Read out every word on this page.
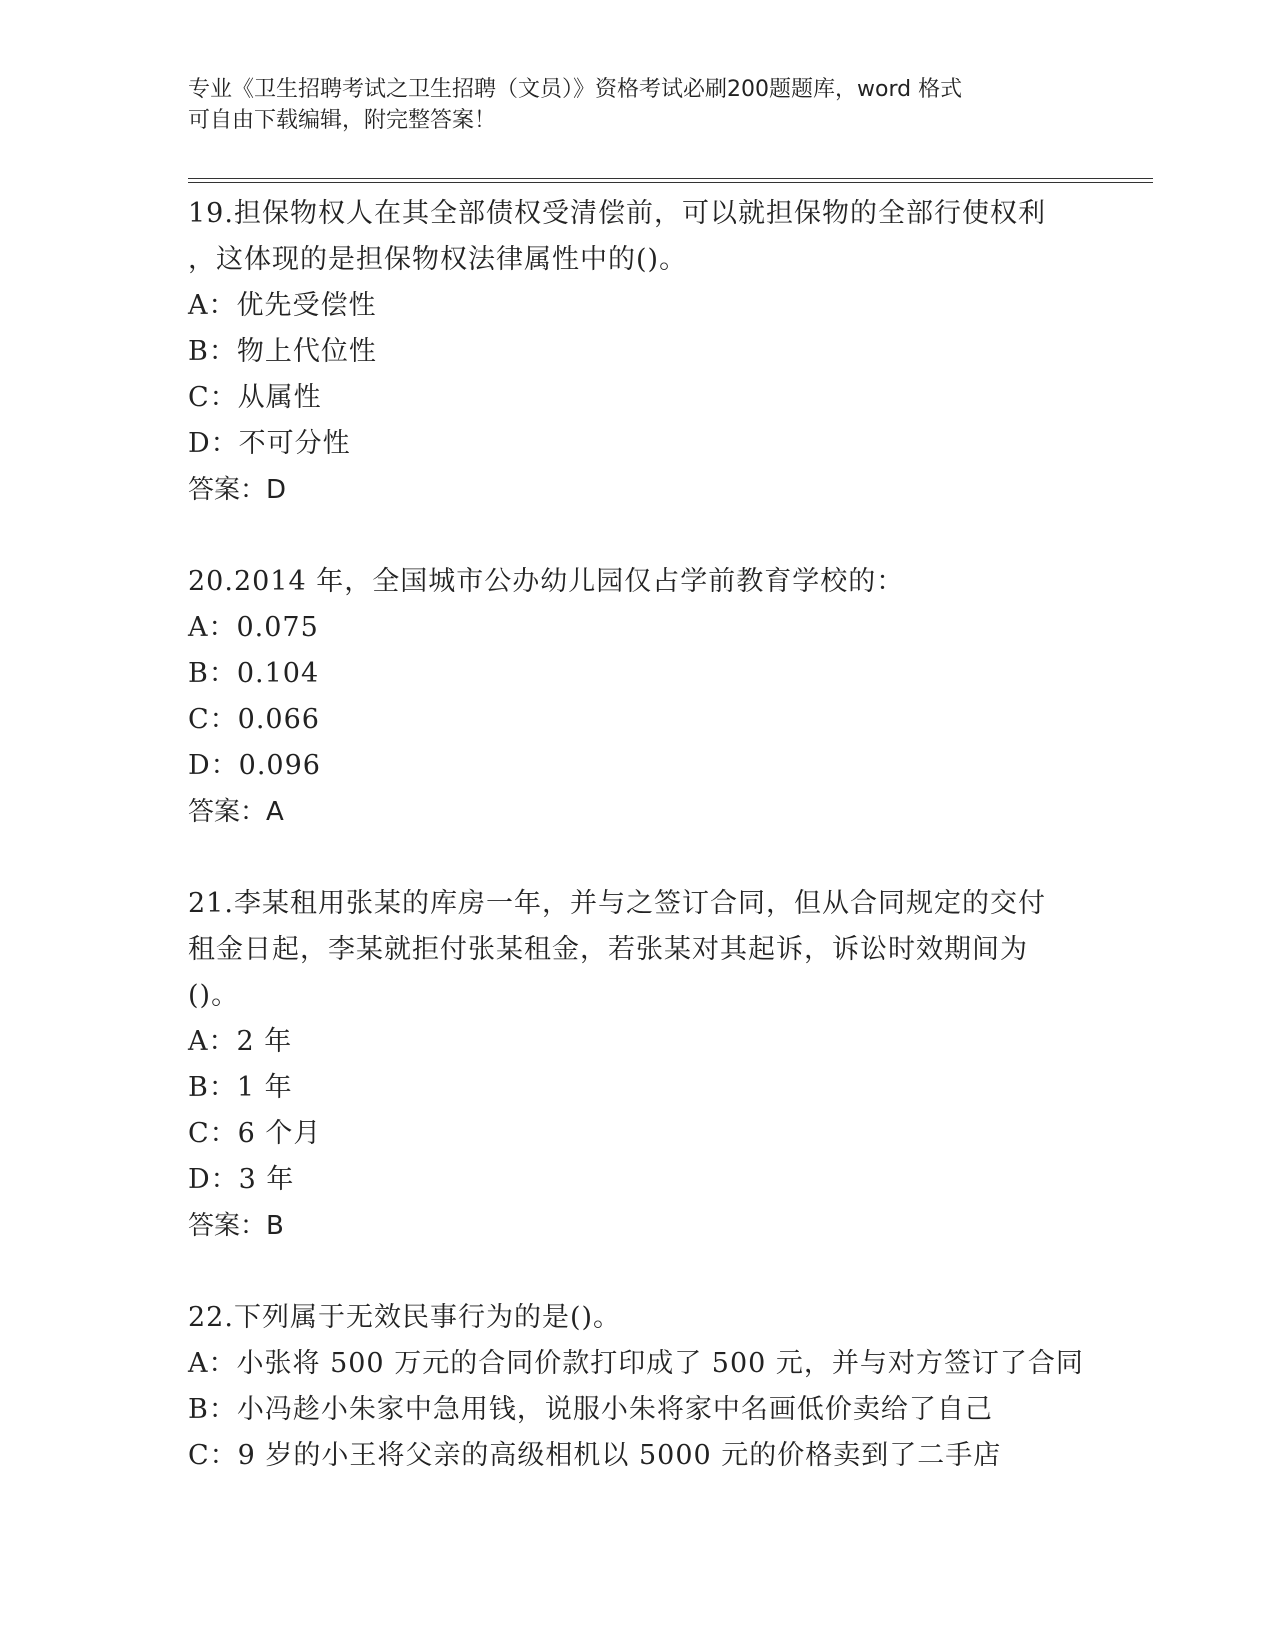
专业《卫生招聘考试之卫生招聘（文员）》资格考试必刷200题题库，word 格式
可自由下载编辑，附完整答案！
19.担保物权人在其全部债权受清偿前，可以就担保物的全部行使权利
，这体现的是担保物权法律属性中的()。
A：优先受偿性
B：物上代位性
C：从属性
D：不可分性
答案：D
20.2014 年，全国城市公办幼儿园仅占学前教育学校的：
A：0.075
B：0.104
C：0.066
D：0.096
答案：A
21.李某租用张某的库房一年，并与之签订合同，但从合同规定的交付
租金日起，李某就拒付张某租金，若张某对其起诉，诉讼时效期间为
()。
A：2 年
B：1 年
C：6 个月
D：3 年
答案：B
22.下列属于无效民事行为的是()。
A：小张将 500 万元的合同价款打印成了 500 元，并与对方签订了合同
B：小冯趁小朱家中急用钱，说服小朱将家中名画低价卖给了自己
C：9 岁的小王将父亲的高级相机以 5000 元的价格卖到了二手店
